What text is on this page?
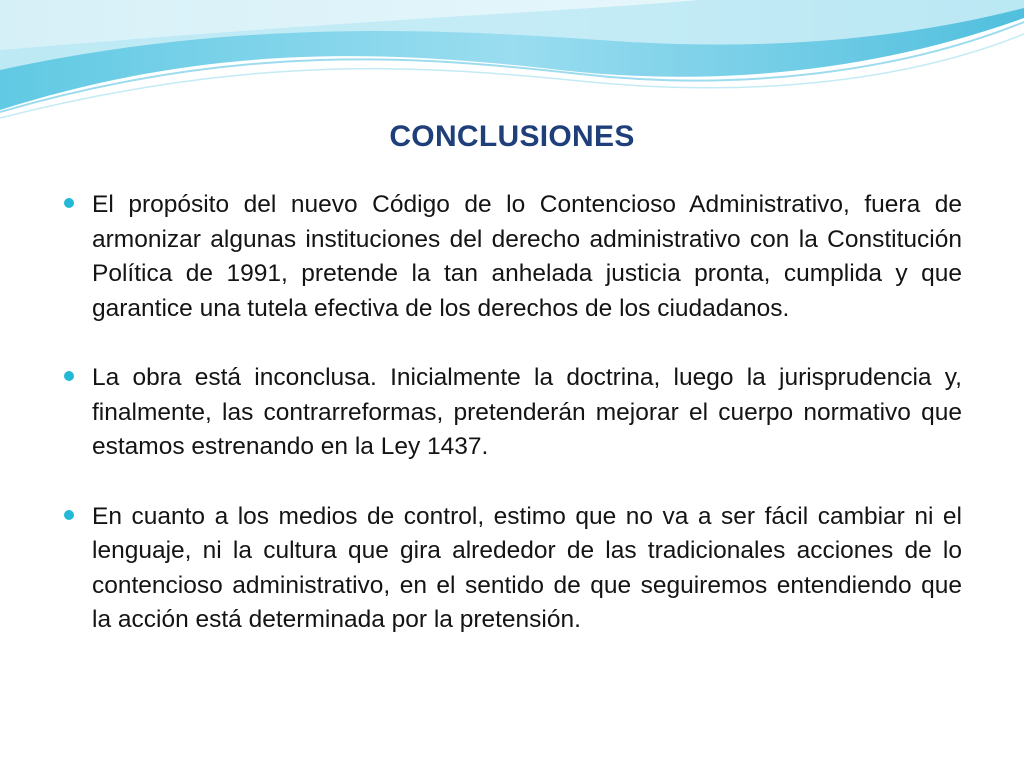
CONCLUSIONES
El propósito del nuevo Código de lo Contencioso Administrativo, fuera de armonizar algunas instituciones del derecho administrativo con la Constitución Política de 1991, pretende la tan anhelada justicia pronta, cumplida y que garantice una tutela efectiva de los derechos de los ciudadanos.
La obra está inconclusa. Inicialmente la doctrina, luego la jurisprudencia y, finalmente, las contrarreformas, pretenderán mejorar el cuerpo normativo que estamos estrenando en la Ley 1437.
En cuanto a los medios de control, estimo que no va a ser fácil cambiar ni el lenguaje, ni la cultura que gira alrededor de las tradicionales acciones de lo contencioso administrativo, en el sentido de que seguiremos entendiendo que la acción está determinada por la pretensión.
